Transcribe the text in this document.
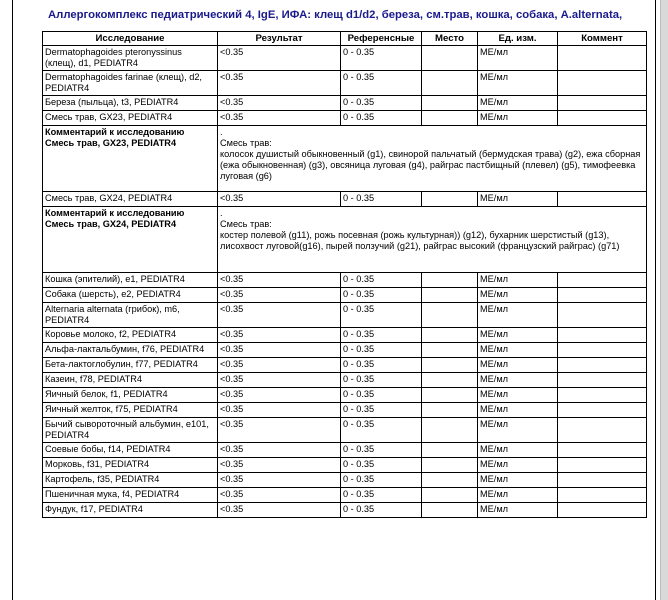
Аллергокомплекс педиатрический 4, IgE, ИФА: клещ d1/d2, береза, см.трав, кошка, собака, A.alternata,
Исследование	Результат	Референсные	Место	Ед. изм.	Коммент
Dermatophagoides pteronyssinus (клещ), d1, PEDIATR4	<0.35	0 - 0.35		МЕ/мл	
Dermatophagoides farinae (клещ), d2, PEDIATR4	<0.35	0 - 0.35		МЕ/мл	
Береза (пыльца), t3, PEDIATR4	<0.35	0 - 0.35		МЕ/мл	
Смесь трав, GX23, PEDIATR4	<0.35	0 - 0.35		МЕ/мл	
Комментарий к исследованию Смесь трав, GX23, PEDIATR4	.
Смесь трав:
колосок душистый обыкновенный (g1), свинорой пальчатый (бермудская трава) (g2), ежа сборная (ежа обыкновенная) (g3), овсяница луговая (g4), райграс пастбищный (плевел) (g5), тимофеевка луговая (g6)				

Смесь трав, GX24, PEDIATR4	<0.35	0 - 0.35		МЕ/мл	
Комментарий к исследованию Смесь трав, GX24, PEDIATR4	.
Смесь трав:
костер полевой (g11), рожь посевная (рожь культурная)) (g12), бухарник шерстистый (g13), лисохвост луговой(g16), пырей ползучий (g21), райграс высокий (французский райграс) (g71)				

Кошка (эпителий), e1, PEDIATR4	<0.35	0 - 0.35		МЕ/мл	
Собака (шерсть), e2, PEDIATR4	<0.35	0 - 0.35		МЕ/мл	
Alternaria alternata (грибок), m6, PEDIATR4	<0.35	0 - 0.35		МЕ/мл	
Коровье молоко, f2, PEDIATR4	<0.35	0 - 0.35		МЕ/мл	
Альфа-лактальбумин, f76, PEDIATR4	<0.35	0 - 0.35		МЕ/мл	
Бета-лактоглобулин, f77, PEDIATR4	<0.35	0 - 0.35		МЕ/мл	
Казеин, f78, PEDIATR4	<0.35	0 - 0.35		МЕ/мл	
Яичный белок, f1, PEDIATR4	<0.35	0 - 0.35		МЕ/мл	
Яичный желток, f75, PEDIATR4	<0.35	0 - 0.35		МЕ/мл	
Бычий сывороточный альбумин, e101, PEDIATR4	<0.35	0 - 0.35		МЕ/мл	
Соевые бобы, f14, PEDIATR4	<0.35	0 - 0.35		МЕ/мл	
Морковь, f31, PEDIATR4	<0.35	0 - 0.35		МЕ/мл	
Картофель, f35, PEDIATR4	<0.35	0 - 0.35		МЕ/мл	
Пшеничная мука, f4, PEDIATR4	<0.35	0 - 0.35		МЕ/мл	
Фундук, f17, PEDIATR4	<0.35	0 - 0.35		МЕ/мл	
